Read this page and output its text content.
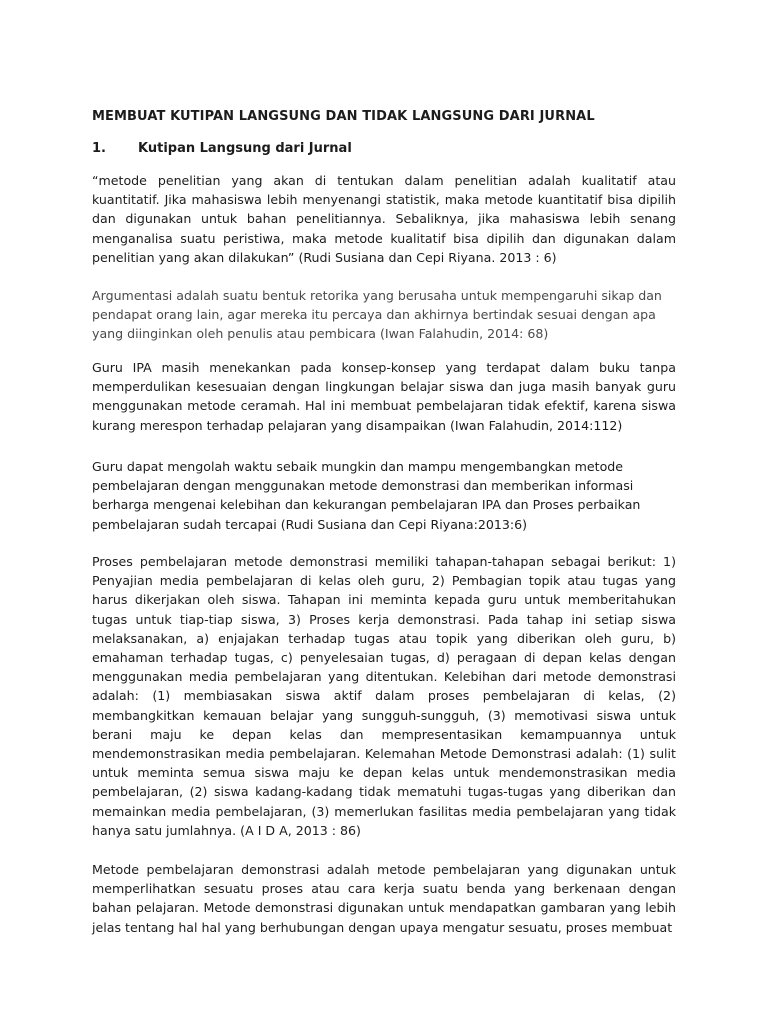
MEMBUAT KUTIPAN LANGSUNG DAN TIDAK LANGSUNG DARI JURNAL
1. Kutipan Langsung dari Jurnal

“metode penelitian yang akan di tentukan dalam penelitian adalah kualitatif atau kuantitatif. Jika mahasiswa lebih menyenangi statistik, maka metode kuantitatif bisa dipilih dan digunakan untuk bahan penelitiannya. Sebaliknya, jika mahasiswa lebih senang menganalisa suatu peristiwa, maka metode kualitatif bisa dipilih dan digunakan dalam penelitian yang akan dilakukan” (Rudi Susiana dan Cepi Riyana. 2013 : 6)

Argumentasi adalah suatu bentuk retorika yang berusaha untuk mempengaruhi sikap dan pendapat orang lain, agar mereka itu percaya dan akhirnya bertindak sesuai dengan apa yang diinginkan oleh penulis atau pembicara (Iwan Falahudin, 2014: 68)

Guru IPA masih menekankan pada konsep-konsep yang terdapat dalam buku tanpa memperdulikan kesesuaian dengan lingkungan belajar siswa dan juga masih banyak guru menggunakan metode ceramah. Hal ini membuat pembelajaran tidak efektif, karena siswa kurang merespon terhadap pelajaran yang disampaikan (Iwan Falahudin, 2014:112)

Guru dapat mengolah waktu sebaik mungkin dan mampu mengembangkan metode pembelajaran dengan menggunakan metode demonstrasi dan memberikan informasi berharga mengenai kelebihan dan kekurangan pembelajaran IPA dan Proses perbaikan pembelajaran sudah tercapai (Rudi Susiana dan Cepi Riyana:2013:6)

Proses pembelajaran metode demonstrasi memiliki tahapan-tahapan sebagai berikut: 1) Penyajian media pembelajaran di kelas oleh guru, 2) Pembagian topik atau tugas yang harus dikerjakan oleh siswa. Tahapan ini meminta kepada guru untuk memberitahukan tugas untuk tiap-tiap siswa, 3) Proses kerja demonstrasi. Pada tahap ini setiap siswa melaksanakan, a) enjajakan terhadap tugas atau topik yang diberikan oleh guru, b) emahaman terhadap tugas, c) penyelesaian tugas, d) peragaan di depan kelas dengan menggunakan media pembelajaran yang ditentukan. Kelebihan dari metode demonstrasi adalah: (1) membiasakan siswa aktif dalam proses pembelajaran di kelas, (2) membangkitkan kemauan belajar yang sungguh-sungguh, (3) memotivasi siswa untuk berani maju ke depan kelas dan mempresentasikan kemampuannya untuk mendemonstrasikan media pembelajaran. Kelemahan Metode Demonstrasi adalah: (1) sulit untuk meminta semua siswa maju ke depan kelas untuk mendemonstrasikan media pembelajaran, (2) siswa kadang-kadang tidak mematuhi tugas-tugas yang diberikan dan memainkan media pembelajaran, (3) memerlukan fasilitas media pembelajaran yang tidak hanya satu jumlahnya. (A I D A, 2013 : 86)

Metode pembelajaran demonstrasi adalah metode pembelajaran yang digunakan untuk memperlihatkan sesuatu proses atau cara kerja suatu benda yang berkenaan dengan bahan pelajaran. Metode demonstrasi digunakan untuk mendapatkan gambaran yang lebih jelas tentang hal hal yang berhubungan dengan upaya mengatur sesuatu, proses membuat
